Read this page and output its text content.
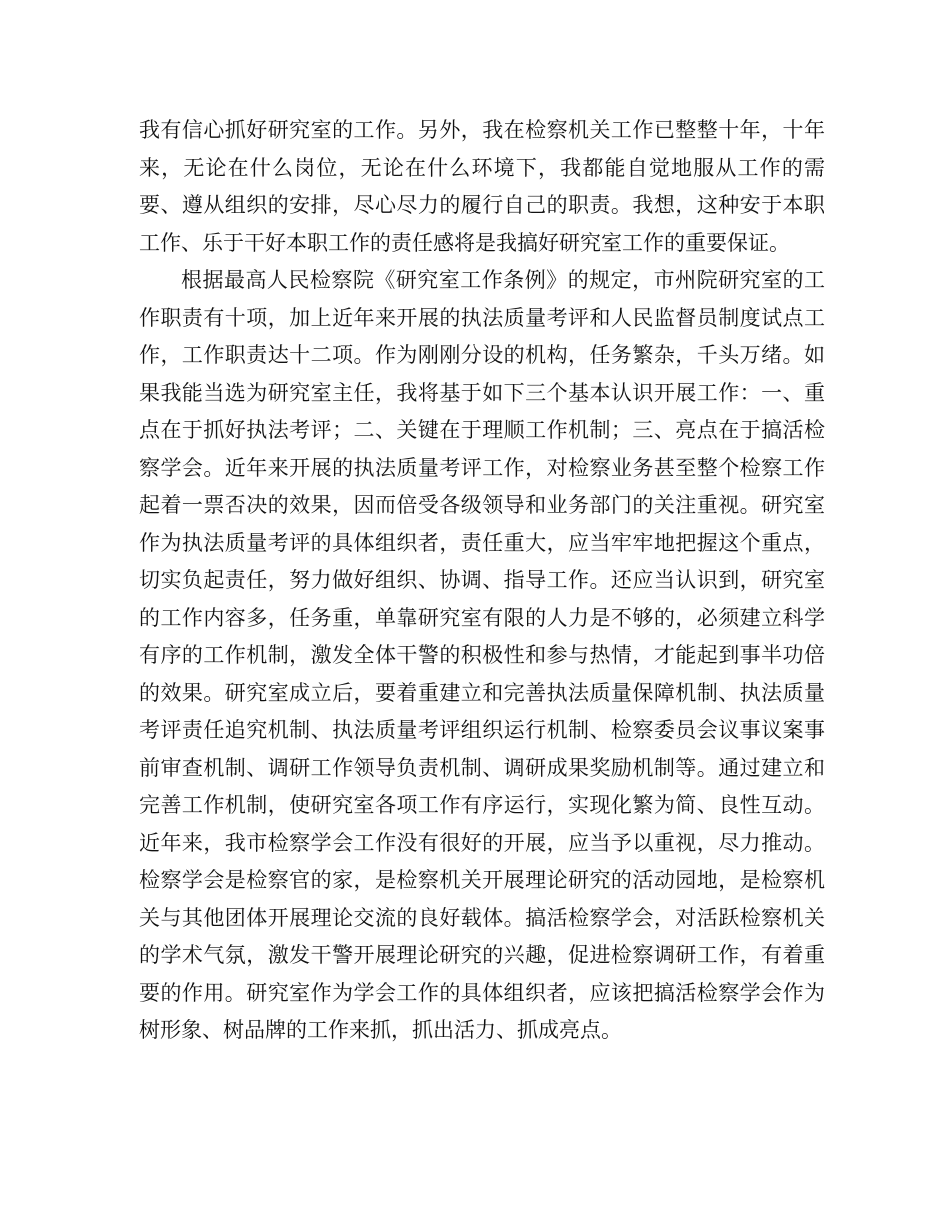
我有信心抓好研究室的工作。另外，我在检察机关工作已整整十年，十年来，无论在什么岗位，无论在什么环境下，我都能自觉地服从工作的需要、遵从组织的安排，尽心尽力的履行自己的职责。我想，这种安于本职工作、乐于干好本职工作的责任感将是我搞好研究室工作的重要保证。

根据最高人民检察院《研究室工作条例》的规定，市州院研究室的工作职责有十项，加上近年来开展的执法质量考评和人民监督员制度试点工作，工作职责达十二项。作为刚刚分设的机构，任务繁杂，千头万绪。如果我能当选为研究室主任，我将基于如下三个基本认识开展工作：一、重点在于抓好执法考评；二、关键在于理顺工作机制；三、亮点在于搞活检察学会。近年来开展的执法质量考评工作，对检察业务甚至整个检察工作起着一票否决的效果，因而倍受各级领导和业务部门的关注重视。研究室作为执法质量考评的具体组织者，责任重大，应当牢牢地把握这个重点，切实负起责任，努力做好组织、协调、指导工作。还应当认识到，研究室的工作内容多，任务重，单靠研究室有限的人力是不够的，必须建立科学有序的工作机制，激发全体干警的积极性和参与热情，才能起到事半功倍的效果。研究室成立后，要着重建立和完善执法质量保障机制、执法质量考评责任追究机制、执法质量考评组织运行机制、检察委员会议事议案事前审查机制、调研工作领导负责机制、调研成果奖励机制等。通过建立和完善工作机制，使研究室各项工作有序运行，实现化繁为简、良性互动。近年来，我市检察学会工作没有很好的开展，应当予以重视，尽力推动。检察学会是检察官的家，是检察机关开展理论研究的活动园地，是检察机关与其他团体开展理论交流的良好载体。搞活检察学会，对活跃检察机关的学术气氛，激发干警开展理论研究的兴趣，促进检察调研工作，有着重要的作用。研究室作为学会工作的具体组织者，应该把搞活检察学会作为树形象、树品牌的工作来抓，抓出活力、抓成亮点。
